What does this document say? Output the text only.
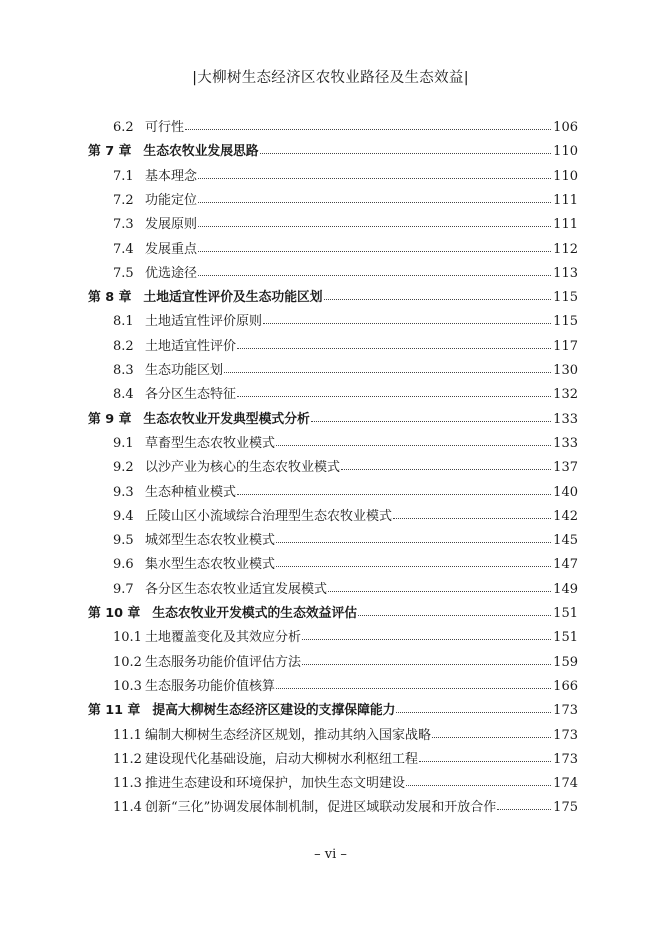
|大柳树生态经济区农牧业路径及生态效益|
6.2 可行性	106
第 7 章 生态农牧业发展思路	110
7.1 基本理念	110
7.2 功能定位	111
7.3 发展原则	111
7.4 发展重点	112
7.5 优选途径	113
第 8 章 土地适宜性评价及生态功能区划	115
8.1 土地适宜性评价原则	115
8.2 土地适宜性评价	117
8.3 生态功能区划	130
8.4 各分区生态特征	132
第 9 章 生态农牧业开发典型模式分析	133
9.1 草畜型生态农牧业模式	133
9.2 以沙产业为核心的生态农牧业模式	137
9.3 生态种植业模式	140
9.4 丘陵山区小流域综合治理型生态农牧业模式	142
9.5 城郊型生态农牧业模式	145
9.6 集水型生态农牧业模式	147
9.7 各分区生态农牧业适宜发展模式	149
第 10 章 生态农牧业开发模式的生态效益评估	151
10.1 土地覆盖变化及其效应分析	151
10.2 生态服务功能价值评估方法	159
10.3 生态服务功能价值核算	166
第 11 章 提高大柳树生态经济区建设的支撑保障能力	173
11.1 编制大柳树生态经济区规划，推动其纳入国家战略	173
11.2 建设现代化基础设施，启动大柳树水利枢纽工程	173
11.3 推进生态建设和环境保护，加快生态文明建设	174
11.4 创新“三化”协调发展体制机制，促进区域联动发展和开放合作	175
– vi –
